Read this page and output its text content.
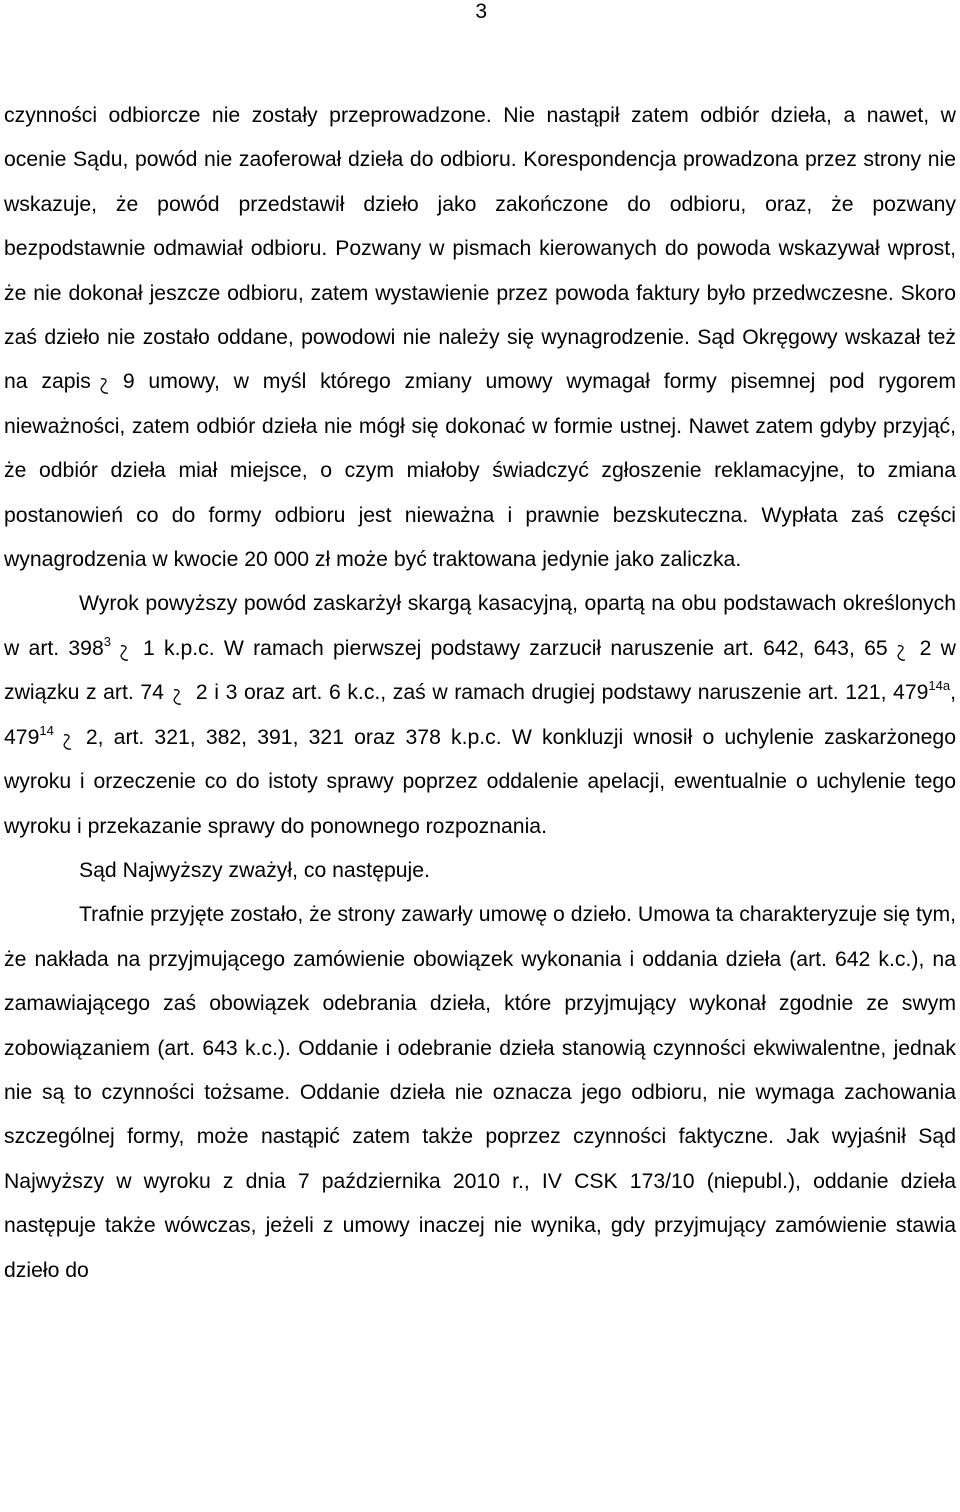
3

czynności odbiorcze nie zostały przeprowadzone. Nie nastąpił zatem odbiór dzieła, a nawet, w ocenie Sądu, powód nie zaoferował dzieła do odbioru. Korespondencja prowadzona przez strony nie wskazuje, że powód przedstawił dzieło jako zakończone do odbioru, oraz, że pozwany bezpodstawnie odmawiał odbioru. Pozwany w pismach kierowanych do powoda wskazywał wprost, że nie dokonał jeszcze odbioru, zatem wystawienie przez powoda faktury było przedwczesne. Skoro zaś dzieło nie zostało oddane, powodowi nie należy się wynagrodzenie. Sąd Okręgowy wskazał też na zapis 9 umowy, w myśl którego zmiany umowy wymagał formy pisemnej pod rygorem nieważności, zatem odbiór dzieła nie mógł się dokonać w formie ustnej. Nawet zatem gdyby przyjąć, że odbiór dzieła miał miejsce, o czym miałoby świadczyć zgłoszenie reklamacyjne, to zmiana postanowień co do formy odbioru jest nieważna i prawnie bezskuteczna. Wypłata zaś części wynagrodzenia w kwocie 20 000 zł może być traktowana jedynie jako zaliczka.

Wyrok powyższy powód zaskarżył skargą kasacyjną, opartą na obu podstawach określonych w art. $398^3$ 1 k.p.c. W ramach pierwszej podstawy zarzucił naruszenie art. 642, 643, 65 2 w związku z art. 74 2 i 3 oraz art. 6 k.c., zaś w ramach drugiej podstawy naruszenie art. 121, $479^{14a}$, $479^{14}$ 2, art. 321, 382, 391, 321 oraz 378 k.p.c. W konkluzji wnosił o uchylenie zaskarżonego wyroku i orzeczenie co do istoty sprawy poprzez oddalenie apelacji, ewentualnie o uchylenie tego wyroku i przekazanie sprawy do ponownego rozpoznania.

Sąd Najwyższy zważył, co następuje.

Trafnie przyjęte zostało, że strony zawarły umowę o dzieło. Umowa ta charakteryzuje się tym, że nakłada na przyjmującego zamówienie obowiązek wykonania i oddania dzieła (art. 642 k.c.), na zamawiającego zaś obowiązek odebrania dzieła, które przyjmujący wykonał zgodnie ze swym zobowiązaniem (art. 643 k.c.). Oddanie i odebranie dzieła stanowią czynności ekwiwalentne, jednak nie są to czynności tożsame. Oddanie dzieła nie oznacza jego odbioru, nie wymaga zachowania szczególnej formy, może nastąpić zatem także poprzez czynności faktyczne. Jak wyjaśnił Sąd Najwyższy w wyroku z dnia 7 października 2010 r., IV CSK 173/10 (niepubl.), oddanie dzieła następuje także wówczas, jeżeli z umowy inaczej nie wynika, gdy przyjmujący zamówienie stawia dzieło do
